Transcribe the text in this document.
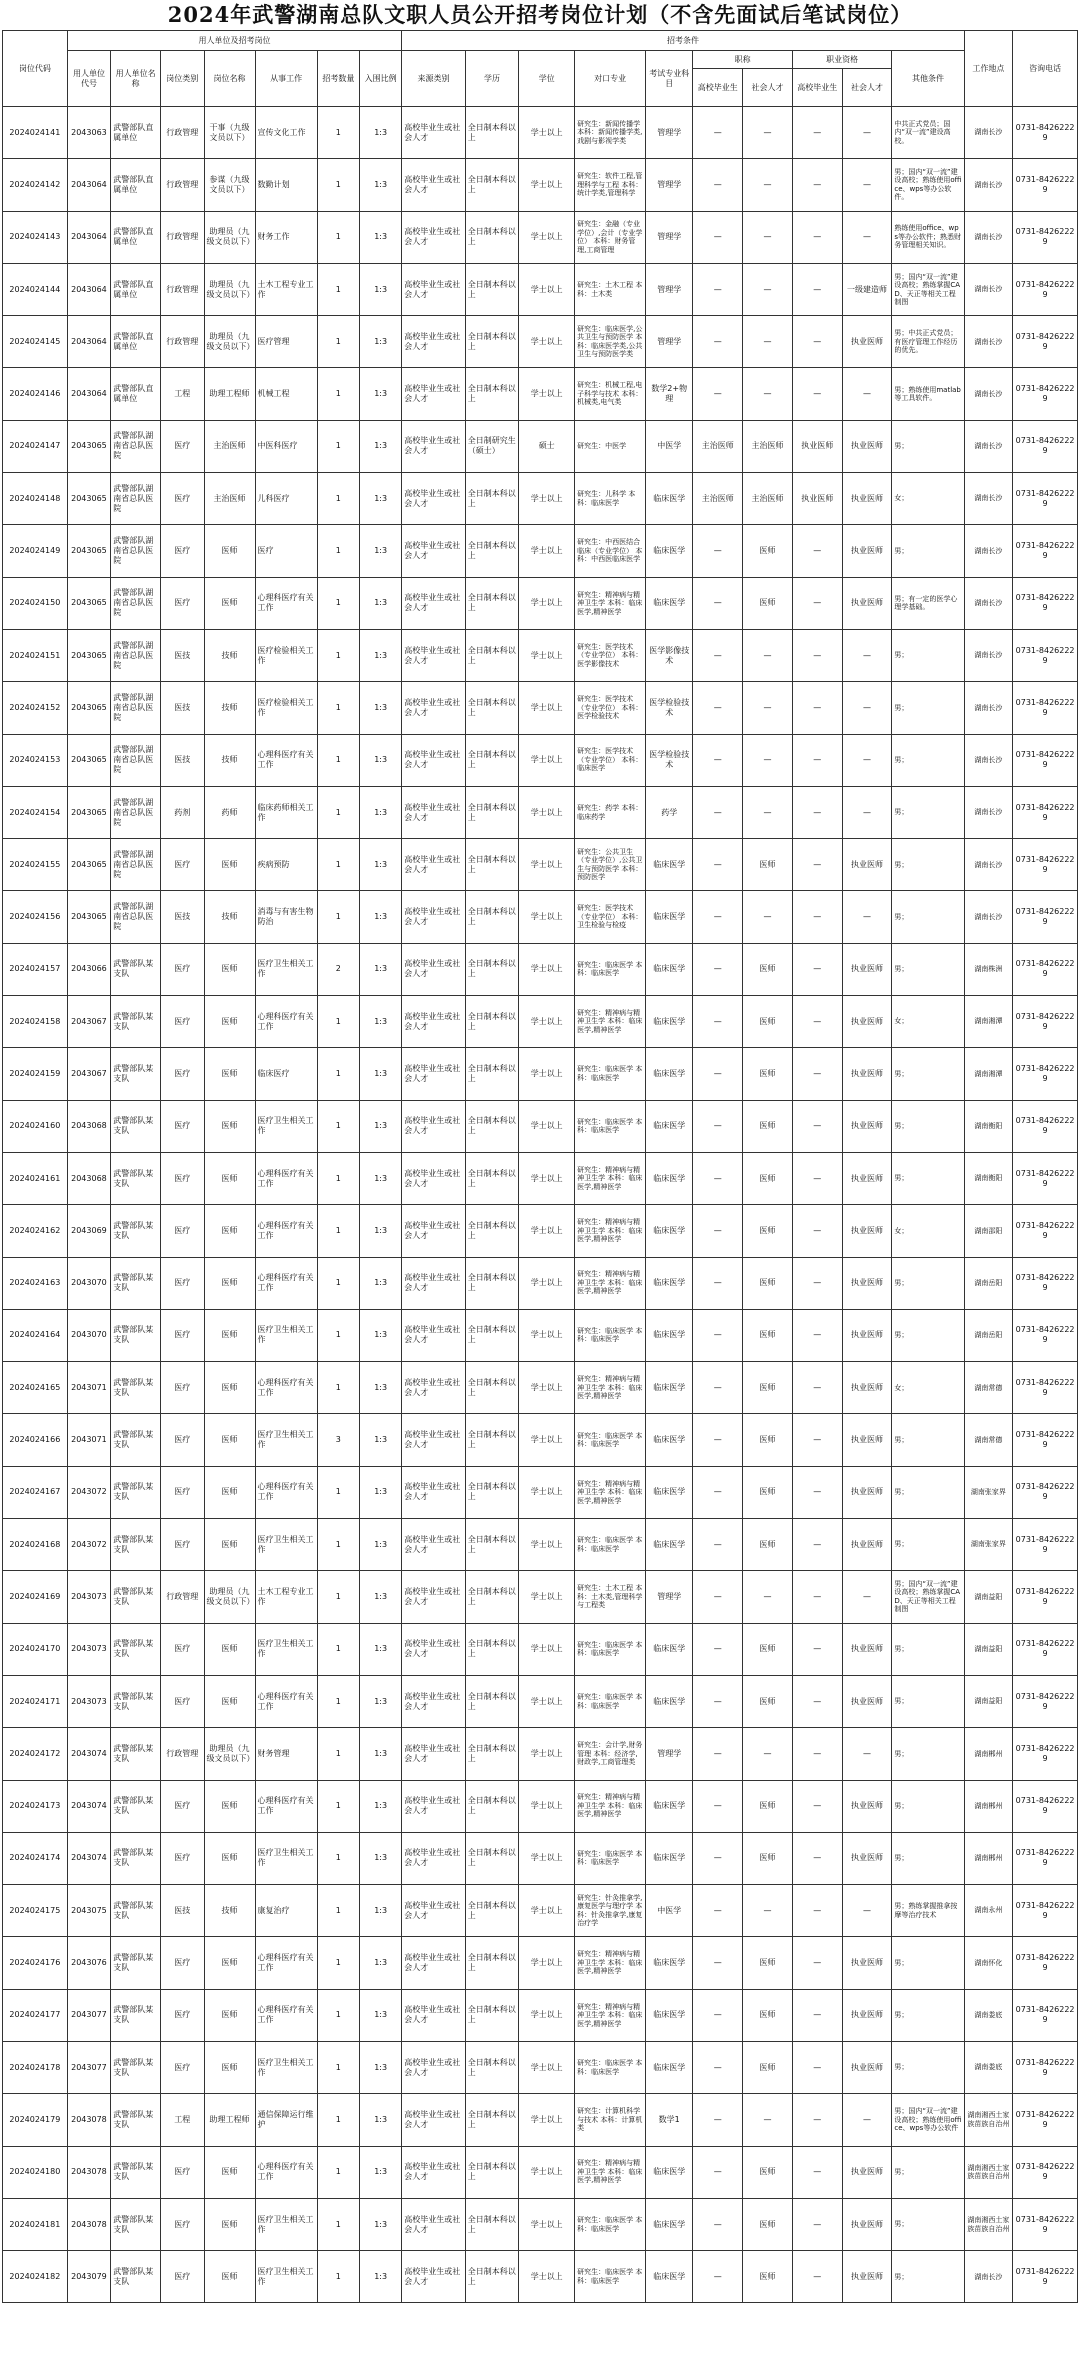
2024年武警湖南总队文职人员公开招考岗位计划（不含先面试后笔试岗位）
岗位代码	用人单位及招考岗位							招考条件										工作地点	咨询电话
	用人单位代号	用人单位名称	岗位类别	岗位名称	从事工作	招考数量	入围比例	来源类别	学历	学位	对口专业	考试专业科目	职称		职业资格		其他条件		
													高校毕业生	社会人才	高校毕业生	社会人才			
2024024141	2043063	武警部队直属单位	行政管理	干事（九级文员以下）	宣传文化工作	1	1:3	高校毕业生或社会人才	全日制本科以上	学士以上	研究生：新闻传播学 本科：新闻传播学类,戏剧与影视学类	管理学	—	—	—	—	中共正式党员；国内“双一流”建设高校。	湖南长沙	0731-84262229
2024024142	2043064	武警部队直属单位	行政管理	参谋（九级文员以下）	数勤计划	1	1:3	高校毕业生或社会人才	全日制本科以上	学士以上	研究生：软件工程,管理科学与工程 本科：统计学类,管理科学	管理学	—	—	—	—	男；国内“双一流”建设高校；熟练使用office、wps等办公软件。	湖南长沙	0731-84262229
2024024143	2043064	武警部队直属单位	行政管理	助理员（九级文员以下）	财务工作	1	1:3	高校毕业生或社会人才	全日制本科以上	学士以上	研究生：金融（专业学位）,会计（专业学位） 本科：财务管理,工商管理	管理学	—	—	—	—	熟练使用office、wps等办公软件；熟悉财务管理相关知识。	湖南长沙	0731-84262229
2024024144	2043064	武警部队直属单位	行政管理	助理员（九级文员以下）	土木工程专业工作	1	1:3	高校毕业生或社会人才	全日制本科以上	学士以上	研究生：土木工程 本科：土木类	管理学	—	—	—	一级建造师	男；国内“双一流”建设高校；熟练掌握CAD、天正等相关工程制图	湖南长沙	0731-84262229
2024024145	2043064	武警部队直属单位	行政管理	助理员（九级文员以下）	医疗管理	1	1:3	高校毕业生或社会人才	全日制本科以上	学士以上	研究生：临床医学,公共卫生与预防医学 本科：临床医学类,公共卫生与预防医学类	管理学	—	—	—	执业医师	男；中共正式党员；有医疗管理工作经历的优先。	湖南长沙	0731-84262229
2024024146	2043064	武警部队直属单位	工程	助理工程师	机械工程	1	1:3	高校毕业生或社会人才	全日制本科以上	学士以上	研究生：机械工程,电子科学与技术 本科：机械类,电气类	数学2+物理	—	—	—	—	男；熟练使用matlab等工具软件。	湖南长沙	0731-84262229
2024024147	2043065	武警部队湖南省总队医院	医疗	主治医师	中医科医疗	1	1:3	高校毕业生或社会人才	全日制研究生（硕士）	硕士	研究生：中医学	中医学	主治医师	主治医师	执业医师	执业医师	男；	湖南长沙	0731-84262229
2024024148	2043065	武警部队湖南省总队医院	医疗	主治医师	儿科医疗	1	1:3	高校毕业生或社会人才	全日制本科以上	学士以上	研究生：儿科学 本科：临床医学	临床医学	主治医师	主治医师	执业医师	执业医师	女；	湖南长沙	0731-84262229
2024024149	2043065	武警部队湖南省总队医院	医疗	医师	医疗	1	1:3	高校毕业生或社会人才	全日制本科以上	学士以上	研究生：中西医结合临床（专业学位） 本科：中西医临床医学	临床医学	—	医师	—	执业医师	男；	湖南长沙	0731-84262229
2024024150	2043065	武警部队湖南省总队医院	医疗	医师	心理科医疗有关工作	1	1:3	高校毕业生或社会人才	全日制本科以上	学士以上	研究生：精神病与精神卫生学 本科：临床医学,精神医学	临床医学	—	医师	—	执业医师	男；有一定的医学心理学基础。	湖南长沙	0731-84262229
2024024151	2043065	武警部队湖南省总队医院	医技	技师	医疗检验相关工作	1	1:3	高校毕业生或社会人才	全日制本科以上	学士以上	研究生：医学技术（专业学位） 本科：医学影像技术	医学影像技术	—	—	—	—	男；	湖南长沙	0731-84262229
2024024152	2043065	武警部队湖南省总队医院	医技	技师	医疗检验相关工作	1	1:3	高校毕业生或社会人才	全日制本科以上	学士以上	研究生：医学技术（专业学位） 本科：医学检验技术	医学检验技术	—	—	—	—	男；	湖南长沙	0731-84262229
2024024153	2043065	武警部队湖南省总队医院	医技	技师	心理科医疗有关工作	1	1:3	高校毕业生或社会人才	全日制本科以上	学士以上	研究生：医学技术（专业学位） 本科：临床医学	医学检验技术	—	—	—	—	男；	湖南长沙	0731-84262229
2024024154	2043065	武警部队湖南省总队医院	药剂	药师	临床药师相关工作	1	1:3	高校毕业生或社会人才	全日制本科以上	学士以上	研究生：药学 本科：临床药学	药学	—	—	—	—	男；	湖南长沙	0731-84262229
2024024155	2043065	武警部队湖南省总队医院	医疗	医师	疾病预防	1	1:3	高校毕业生或社会人才	全日制本科以上	学士以上	研究生：公共卫生（专业学位）,公共卫生与预防医学 本科：预防医学	临床医学	—	医师	—	执业医师	男；	湖南长沙	0731-84262229
2024024156	2043065	武警部队湖南省总队医院	医技	技师	消毒与有害生物防治	1	1:3	高校毕业生或社会人才	全日制本科以上	学士以上	研究生：医学技术（专业学位） 本科：卫生检验与检疫	临床医学	—	—	—	—	男；	湖南长沙	0731-84262229
2024024157	2043066	武警部队某支队	医疗	医师	医疗卫生相关工作	2	1:3	高校毕业生或社会人才	全日制本科以上	学士以上	研究生：临床医学 本科：临床医学	临床医学	—	医师	—	执业医师	男；	湖南株洲	0731-84262229
2024024158	2043067	武警部队某支队	医疗	医师	心理科医疗有关工作	1	1:3	高校毕业生或社会人才	全日制本科以上	学士以上	研究生：精神病与精神卫生学 本科：临床医学,精神医学	临床医学	—	医师	—	执业医师	女；	湖南湘潭	0731-84262229
2024024159	2043067	武警部队某支队	医疗	医师	临床医疗	1	1:3	高校毕业生或社会人才	全日制本科以上	学士以上	研究生：临床医学 本科：临床医学	临床医学	—	医师	—	执业医师	男；	湖南湘潭	0731-84262229
2024024160	2043068	武警部队某支队	医疗	医师	医疗卫生相关工作	1	1:3	高校毕业生或社会人才	全日制本科以上	学士以上	研究生：临床医学 本科：临床医学	临床医学	—	医师	—	执业医师	男；	湖南衡阳	0731-84262229
2024024161	2043068	武警部队某支队	医疗	医师	心理科医疗有关工作	1	1:3	高校毕业生或社会人才	全日制本科以上	学士以上	研究生：精神病与精神卫生学 本科：临床医学,精神医学	临床医学	—	医师	—	执业医师	男；	湖南衡阳	0731-84262229
2024024162	2043069	武警部队某支队	医疗	医师	心理科医疗有关工作	1	1:3	高校毕业生或社会人才	全日制本科以上	学士以上	研究生：精神病与精神卫生学 本科：临床医学,精神医学	临床医学	—	医师	—	执业医师	女；	湖南邵阳	0731-84262229
2024024163	2043070	武警部队某支队	医疗	医师	心理科医疗有关工作	1	1:3	高校毕业生或社会人才	全日制本科以上	学士以上	研究生：精神病与精神卫生学 本科：临床医学,精神医学	临床医学	—	医师	—	执业医师	男；	湖南岳阳	0731-84262229
2024024164	2043070	武警部队某支队	医疗	医师	医疗卫生相关工作	1	1:3	高校毕业生或社会人才	全日制本科以上	学士以上	研究生：临床医学 本科：临床医学	临床医学	—	医师	—	执业医师	男；	湖南岳阳	0731-84262229
2024024165	2043071	武警部队某支队	医疗	医师	心理科医疗有关工作	1	1:3	高校毕业生或社会人才	全日制本科以上	学士以上	研究生：精神病与精神卫生学 本科：临床医学,精神医学	临床医学	—	医师	—	执业医师	女；	湖南常德	0731-84262229
2024024166	2043071	武警部队某支队	医疗	医师	医疗卫生相关工作	3	1:3	高校毕业生或社会人才	全日制本科以上	学士以上	研究生：临床医学 本科：临床医学	临床医学	—	医师	—	执业医师	男；	湖南常德	0731-84262229
2024024167	2043072	武警部队某支队	医疗	医师	心理科医疗有关工作	1	1:3	高校毕业生或社会人才	全日制本科以上	学士以上	研究生：精神病与精神卫生学 本科：临床医学,精神医学	临床医学	—	医师	—	执业医师	男；	湖南张家界	0731-84262229
2024024168	2043072	武警部队某支队	医疗	医师	医疗卫生相关工作	1	1:3	高校毕业生或社会人才	全日制本科以上	学士以上	研究生：临床医学 本科：临床医学	临床医学	—	医师	—	执业医师	男；	湖南张家界	0731-84262229
2024024169	2043073	武警部队某支队	行政管理	助理员（九级文员以下）	土木工程专业工作	1	1:3	高校毕业生或社会人才	全日制本科以上	学士以上	研究生：土木工程 本科：土木类,管理科学与工程类	管理学	—	—	—	—	男；国内“双一流”建设高校；熟练掌握CAD、天正等相关工程制图	湖南益阳	0731-84262229
2024024170	2043073	武警部队某支队	医疗	医师	医疗卫生相关工作	1	1:3	高校毕业生或社会人才	全日制本科以上	学士以上	研究生：临床医学 本科：临床医学	临床医学	—	医师	—	执业医师	男；	湖南益阳	0731-84262229
2024024171	2043073	武警部队某支队	医疗	医师	心理科医疗有关工作	1	1:3	高校毕业生或社会人才	全日制本科以上	学士以上	研究生：临床医学 本科：临床医学	临床医学	—	医师	—	执业医师	男；	湖南益阳	0731-84262229
2024024172	2043074	武警部队某支队	行政管理	助理员（九级文员以下）	财务管理	1	1:3	高校毕业生或社会人才	全日制本科以上	学士以上	研究生：会计学,财务管理 本科：经济学,财政学,工商管理类	管理学	—	—	—	—	男；	湖南郴州	0731-84262229
2024024173	2043074	武警部队某支队	医疗	医师	心理科医疗有关工作	1	1:3	高校毕业生或社会人才	全日制本科以上	学士以上	研究生：精神病与精神卫生学 本科：临床医学,精神医学	临床医学	—	医师	—	执业医师	男；	湖南郴州	0731-84262229
2024024174	2043074	武警部队某支队	医疗	医师	医疗卫生相关工作	1	1:3	高校毕业生或社会人才	全日制本科以上	学士以上	研究生：临床医学 本科：临床医学	临床医学	—	医师	—	执业医师	男；	湖南郴州	0731-84262229
2024024175	2043075	武警部队某支队	医技	技师	康复治疗	1	1:3	高校毕业生或社会人才	全日制本科以上	学士以上	研究生：针灸推拿学,康复医学与理疗学 本科：针灸推拿学,康复治疗学	中医学	—	—	—	—	男；熟练掌握推拿按摩等治疗技术	湖南永州	0731-84262229
2024024176	2043076	武警部队某支队	医疗	医师	心理科医疗有关工作	1	1:3	高校毕业生或社会人才	全日制本科以上	学士以上	研究生：精神病与精神卫生学 本科：临床医学,精神医学	临床医学	—	医师	—	执业医师	男；	湖南怀化	0731-84262229
2024024177	2043077	武警部队某支队	医疗	医师	心理科医疗有关工作	1	1:3	高校毕业生或社会人才	全日制本科以上	学士以上	研究生：精神病与精神卫生学 本科：临床医学,精神医学	临床医学	—	医师	—	执业医师	男；	湖南娄底	0731-84262229
2024024178	2043077	武警部队某支队	医疗	医师	医疗卫生相关工作	1	1:3	高校毕业生或社会人才	全日制本科以上	学士以上	研究生：临床医学 本科：临床医学	临床医学	—	医师	—	执业医师	男；	湖南娄底	0731-84262229
2024024179	2043078	武警部队某支队	工程	助理工程师	通信保障运行维护	1	1:3	高校毕业生或社会人才	全日制本科以上	学士以上	研究生：计算机科学与技术 本科：计算机类	数学1	—	—	—	—	男；国内“双一流”建设高校；熟练使用office、wps等办公软件	湖南湘西土家族苗族自治州	0731-84262229
2024024180	2043078	武警部队某支队	医疗	医师	心理科医疗有关工作	1	1:3	高校毕业生或社会人才	全日制本科以上	学士以上	研究生：精神病与精神卫生学 本科：临床医学,精神医学	临床医学	—	医师	—	执业医师	男；	湖南湘西土家族苗族自治州	0731-84262229
2024024181	2043078	武警部队某支队	医疗	医师	医疗卫生相关工作	1	1:3	高校毕业生或社会人才	全日制本科以上	学士以上	研究生：临床医学 本科：临床医学	临床医学	—	医师	—	执业医师	男；	湖南湘西土家族苗族自治州	0731-84262229
2024024182	2043079	武警部队某支队	医疗	医师	医疗卫生相关工作	1	1:3	高校毕业生或社会人才	全日制本科以上	学士以上	研究生：临床医学 本科：临床医学	临床医学	—	医师	—	执业医师	男；	湖南长沙	0731-84262229
